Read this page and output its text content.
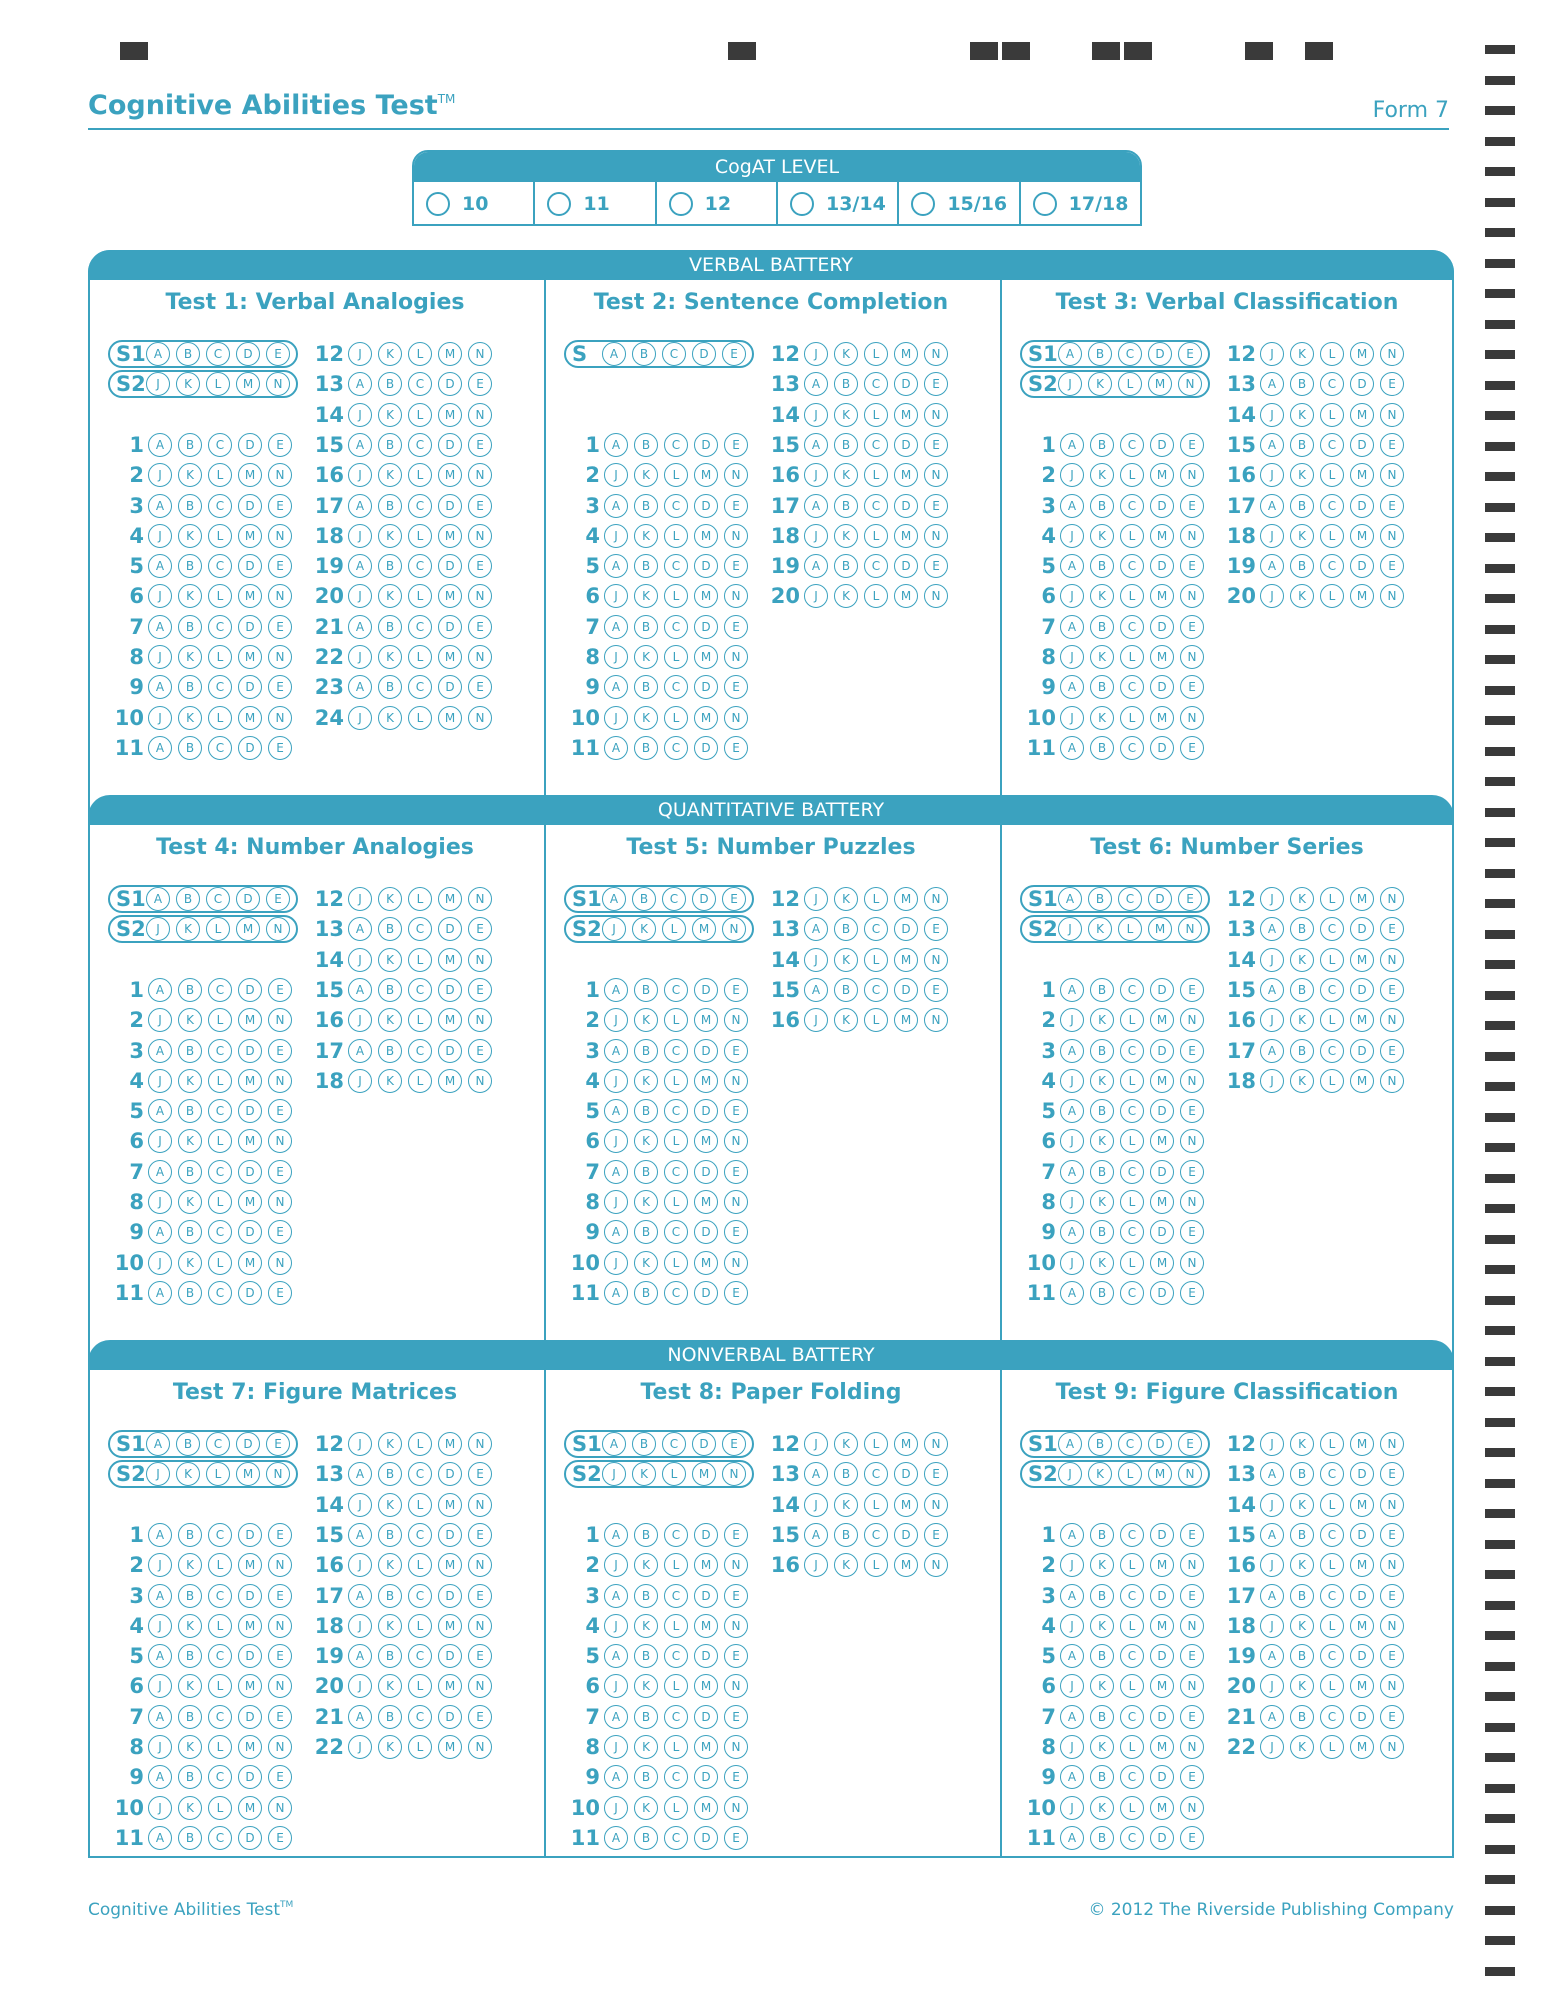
Cognitive Abilities Test™	Form 7
CogAT LEVEL
10	11	12	13/14	15/16	17/18
VERBAL BATTERY
Test 1: Verbal Analogies
S1 A	B	C	D	E
S2 J	K	L	M	N
1 A	B	C	D	E
2	J	K	L	M	N
3 A	B	C	D	E
4	J	K	L	M	N
5 A	B	C	D	E
6	J	K	L	M	N
7 A	B	C	D	E
8	J	K	L	M	N
9 A	B	C	D	E
10	J	K	L	M	N
11 A	B	C	D	E
12	J	K	L	M	N
13 A	B	C	D	E
14	J	K	L	M	N
15 A	B	C	D	E
16	J	K	L	M	N
17 A	B	C	D	E
18	J	K	L	M	N
19 A	B	C	D	E
20	J	K	L	M	N
21 A	B	C	D	E
22	J	K	L	M	N
23 A	B	C	D	E
24	J	K	L	M	N
Test 2: Sentence Completion
S	A	B	C	D	E
1 A	B	C	D	E
2	J	K	L	M	N
3 A	B	C	D	E
4	J	K	L	M	N
5 A	B	C	D	E
6	J	K	L	M	N
7 A	B	C	D	E
8	J	K	L	M	N
9 A	B	C	D	E
10	J	K	L	M	N
11 A	B	C	D	E
12	J	K	L	M	N
13 A	B	C	D	E
14	J	K	L	M	N
15 A	B	C	D	E
16	J	K	L	M	N
17 A	B	C	D	E
18	J	K	L	M	N
19 A	B	C	D	E
20	J	K	L	M	N
Test 3: Verbal Classification
S1 A	B	C	D	E
S2 J	K	L	M	N
1 A	B	C	D	E
2	J	K	L	M	N
3 A	B	C	D	E
4	J	K	L	M	N
5 A	B	C	D	E
6	J	K	L	M	N
7 A	B	C	D	E
8	J	K	L	M	N
9 A	B	C	D	E
10	J	K	L	M	N
11 A	B	C	D	E
12	J	K	L	M	N
13 A	B	C	D	E
14	J	K	L	M	N
15 A	B	C	D	E
16	J	K	L	M	N
17 A	B	C	D	E
18	J	K	L	M	N
19 A	B	C	D	E
20	J	K	L	M	N
QUANTITATIVE BATTERY
Test 4: Number Analogies
S1 A	B	C	D	E
S2 J	K	L	M	N
1 A	B	C	D	E
2	J	K	L	M	N
3 A	B	C	D	E
4	J	K	L	M	N
5 A	B	C	D	E
6	J	K	L	M	N
7 A	B	C	D	E
8	J	K	L	M	N
9 A	B	C	D	E
10	J	K	L	M	N
11 A	B	C	D	E
12	J	K	L	M	N
13 A	B	C	D	E
14	J	K	L	M	N
15 A	B	C	D	E
16	J	K	L	M	N
17 A	B	C	D	E
18	J	K	L	M	N
Test 5: Number Puzzles
S1 A	B	C	D	E
S2 J	K	L	M	N
1 A	B	C	D	E
2	J	K	L	M	N
3 A	B	C	D	E
4	J	K	L	M	N
5 A	B	C	D	E
6	J	K	L	M	N
7 A	B	C	D	E
8	J	K	L	M	N
9 A	B	C	D	E
10	J	K	L	M	N
11 A	B	C	D	E
12	J	K	L	M	N
13 A	B	C	D	E
14	J	K	L	M	N
15 A	B	C	D	E
16	J	K	L	M	N
Test 6: Number Series
S1 A	B	C	D	E
S2 J	K	L	M	N
1 A	B	C	D	E
2	J	K	L	M	N
3 A	B	C	D	E
4	J	K	L	M	N
5 A	B	C	D	E
6	J	K	L	M	N
7 A	B	C	D	E
8	J	K	L	M	N
9 A	B	C	D	E
10	J	K	L	M	N
11 A	B	C	D	E
12	J	K	L	M	N
13 A	B	C	D	E
14	J	K	L	M	N
15 A	B	C	D	E
16	J	K	L	M	N
17 A	B	C	D	E
18	J	K	L	M	N
NONVERBAL BATTERY
Test 7: Figure Matrices
S1 A	B	C	D	E
S2 J	K	L	M	N
1 A	B	C	D	E
2	J	K	L	M	N
3 A	B	C	D	E
4	J	K	L	M	N
5 A	B	C	D	E
6	J	K	L	M	N
7 A	B	C	D	E
8	J	K	L	M	N
9 A	B	C	D	E
10	J	K	L	M	N
11 A	B	C	D	E
12	J	K	L	M	N
13 A	B	C	D	E
14	J	K	L	M	N
15 A	B	C	D	E
16	J	K	L	M	N
17 A	B	C	D	E
18	J	K	L	M	N
19 A	B	C	D	E
20	J	K	L	M	N
21 A	B	C	D	E
22	J	K	L	M	N
Test 8: Paper Folding
S1 A	B	C	D	E
S2 J	K	L	M	N
1 A	B	C	D	E
2	J	K	L	M	N
3 A	B	C	D	E
4	J	K	L	M	N
5 A	B	C	D	E
6	J	K	L	M	N
7 A	B	C	D	E
8	J	K	L	M	N
9 A	B	C	D	E
10	J	K	L	M	N
11 A	B	C	D	E
12	J	K	L	M	N
13 A	B	C	D	E
14	J	K	L	M	N
15 A	B	C	D	E
16	J	K	L	M	N
Test 9: Figure Classification
S1 A	B	C	D	E
S2 J	K	L	M	N
1 A	B	C	D	E
2	J	K	L	M	N
3 A	B	C	D	E
4	J	K	L	M	N
5 A	B	C	D	E
6	J	K	L	M	N
7 A	B	C	D	E
8	J	K	L	M	N
9 A	B	C	D	E
10	J	K	L	M	N
11 A	B	C	D	E
12	J	K	L	M	N
13 A	B	C	D	E
14	J	K	L	M	N
15 A	B	C	D	E
16	J	K	L	M	N
17 A	B	C	D	E
18	J	K	L	M	N
19 A	B	C	D	E
20	J	K	L	M	N
21 A	B	C	D	E
22	J	K	L	M	N
Cognitive Abilities Test™	© 2012 The Riverside Publishing Company
